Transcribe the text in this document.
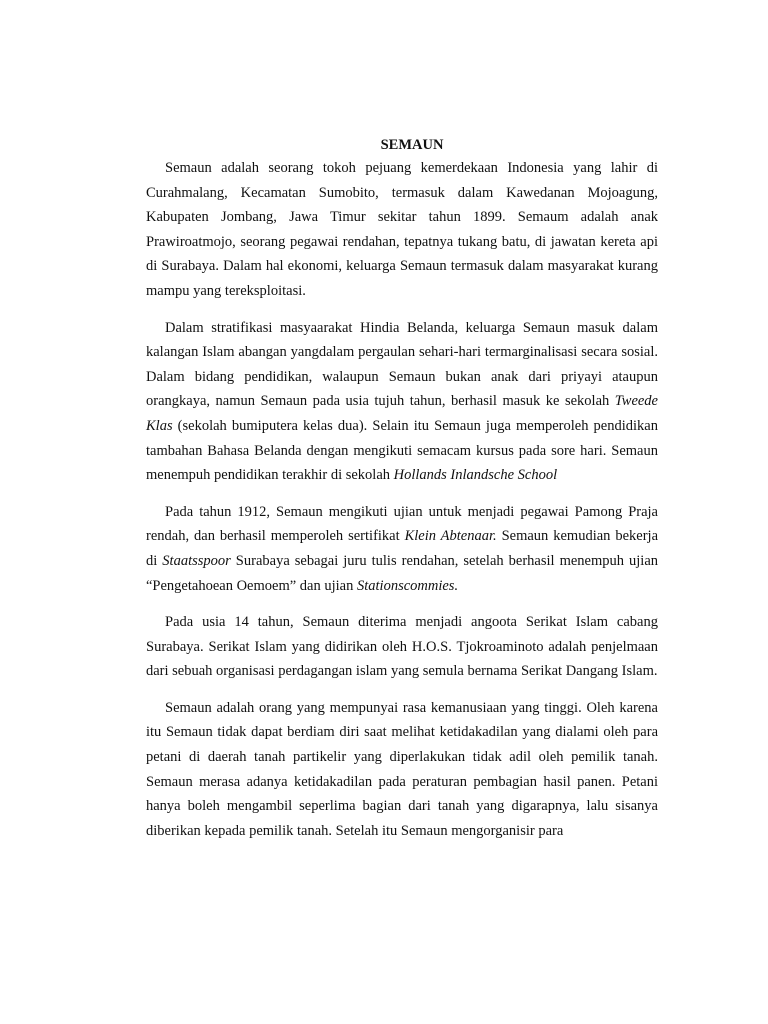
SEMAUN

Semaun adalah seorang tokoh pejuang kemerdekaan Indonesia yang lahir di Curahmalang, Kecamatan Sumobito, termasuk dalam Kawedanan Mojoagung, Kabupaten Jombang, Jawa Timur sekitar tahun 1899. Semaum adalah anak Prawiroatmojo, seorang pegawai rendahan, tepatnya tukang batu, di jawatan kereta api di Surabaya. Dalam hal ekonomi, keluarga Semaun termasuk dalam masyarakat kurang mampu yang tereksploitasi.

Dalam stratifikasi masyaarakat Hindia Belanda, keluarga Semaun masuk dalam kalangan Islam abangan yangdalam pergaulan sehari-hari termarginalisasi secara sosial. Dalam bidang pendidikan, walaupun Semaun bukan anak dari priyayi ataupun orangkaya, namun Semaun pada usia tujuh tahun, berhasil masuk ke sekolah Tweede Klas (sekolah bumiputera kelas dua). Selain itu Semaun juga memperoleh pendidikan tambahan Bahasa Belanda dengan mengikuti semacam kursus pada sore hari. Semaun menempuh pendidikan terakhir di sekolah Hollands Inlandsche School

Pada tahun 1912, Semaun mengikuti ujian untuk menjadi pegawai Pamong Praja rendah, dan berhasil memperoleh sertifikat Klein Abtenaar. Semaun kemudian bekerja di Staatsspoor Surabaya sebagai juru tulis rendahan, setelah berhasil menempuh ujian “Pengetahoean Oemoem” dan ujian Stationscommies.

Pada usia 14 tahun, Semaun diterima menjadi angoota Serikat Islam cabang Surabaya. Serikat Islam yang didirikan oleh H.O.S. Tjokroaminoto adalah penjelmaan dari sebuah organisasi perdagangan islam yang semula bernama Serikat Dangang Islam.

Semaun adalah orang yang mempunyai rasa kemanusiaan yang tinggi. Oleh karena itu Semaun tidak dapat berdiam diri saat melihat ketidakadilan yang dialami oleh para petani di daerah tanah partikelir yang diperlakukan tidak adil oleh pemilik tanah. Semaun merasa adanya ketidakadilan pada peraturan pembagian hasil panen. Petani hanya boleh mengambil seperlima bagian dari tanah yang digarapnya, lalu sisanya diberikan kepada pemilik tanah. Setelah itu Semaun mengorganisir para
